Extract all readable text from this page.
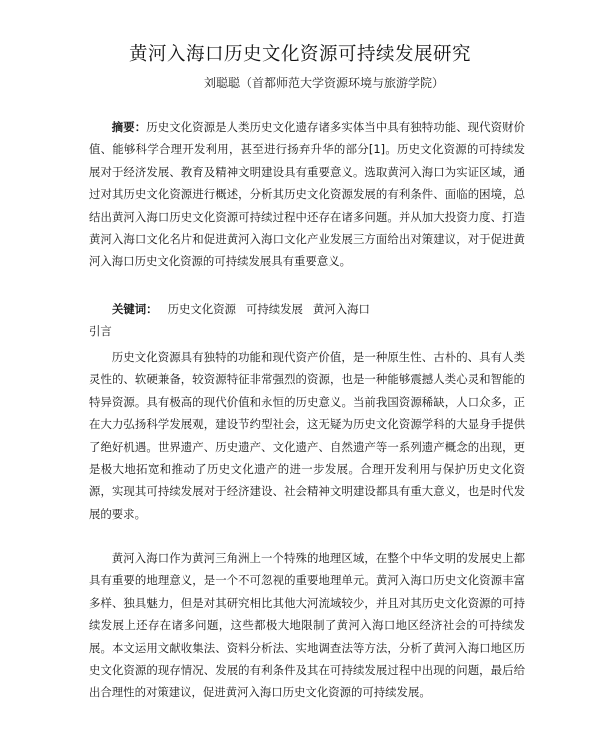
黄河入海口历史文化资源可持续发展研究
刘聪聪（首都师范大学资源环境与旅游学院）

摘要：历史文化资源是人类历史文化遗存诸多实体当中具有独特功能、现代资财价值、能够科学合理开发利用，甚至进行扬弃升华的部分[1]。历史文化资源的可持续发展对于经济发展、教育及精神文明建设具有重要意义。选取黄河入海口为实证区域，通过对其历史文化资源进行概述，分析其历史文化资源发展的有利条件、面临的困境，总结出黄河入海口历史文化资源可持续过程中还存在诸多问题。并从加大投资力度、打造黄河入海口文化名片和促进黄河入海口文化产业发展三方面给出对策建议，对于促进黄河入海口历史文化资源的可持续发展具有重要意义。

关键词： 历史文化资源 可持续发展 黄河入海口
引言

历史文化资源具有独特的功能和现代资产价值，是一种原生性、古朴的、具有人类灵性的、软硬兼备，较资源特征非常强烈的资源，也是一种能够震撼人类心灵和智能的特异资源。具有极高的现代价值和永恒的历史意义。当前我国资源稀缺，人口众多，正在大力弘扬科学发展观，建设节约型社会，这无疑为历史文化资源学科的大显身手提供了绝好机遇。世界遗产、历史遗产、文化遗产、自然遗产等一系列遗产概念的出现，更是极大地拓宽和推动了历史文化遗产的进一步发展。合理开发利用与保护历史文化资源，实现其可持续发展对于经济建设、社会精神文明建设都具有重大意义，也是时代发展的要求。

黄河入海口作为黄河三角洲上一个特殊的地理区域，在整个中华文明的发展史上都具有重要的地理意义，是一个不可忽视的重要地理单元。黄河入海口历史文化资源丰富多样、独具魅力，但是对其研究相比其他大河流域较少，并且对其历史文化资源的可持续发展上还存在诸多问题，这些都极大地限制了黄河入海口地区经济社会的可持续发展。本文运用文献收集法、资料分析法、实地调查法等方法，分析了黄河入海口地区历史文化资源的现存情况、发展的有利条件及其在可持续发展过程中出现的问题，最后给出合理性的对策建议，促进黄河入海口历史文化资源的可持续发展。
